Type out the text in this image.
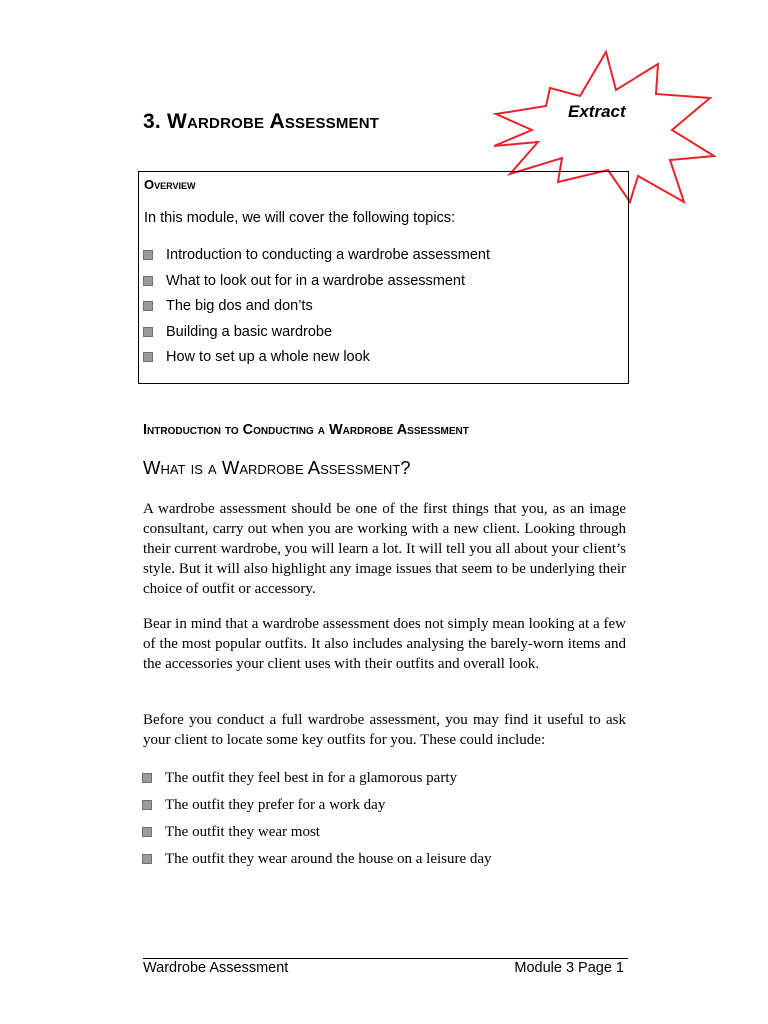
3. Wardrobe Assessment	Extract
Overview
In this module, we will cover the following topics:
Introduction to conducting a wardrobe assessment
What to look out for in a wardrobe assessment
The big dos and don’ts
Building a basic wardrobe
How to set up a whole new look
Introduction to Conducting a Wardrobe Assessment
What is a Wardrobe Assessment?

A wardrobe assessment should be one of the first things that you, as an image consultant, carry out when you are working with a new client. Looking through their current wardrobe, you will learn a lot. It will tell you all about your client’s style. But it will also highlight any image issues that seem to be underlying their choice of outfit or accessory.

Bear in mind that a wardrobe assessment does not simply mean looking at a few of the most popular outfits. It also includes analysing the barely-worn items and the accessories your client uses with their outfits and overall look.

Before you conduct a full wardrobe assessment, you may find it useful to ask your client to locate some key outfits for you. These could include:

The outfit they feel best in for a glamorous party
The outfit they prefer for a work day
The outfit they wear most
The outfit they wear around the house on a leisure day
Wardrobe Assessment	Module 3 Page 1
